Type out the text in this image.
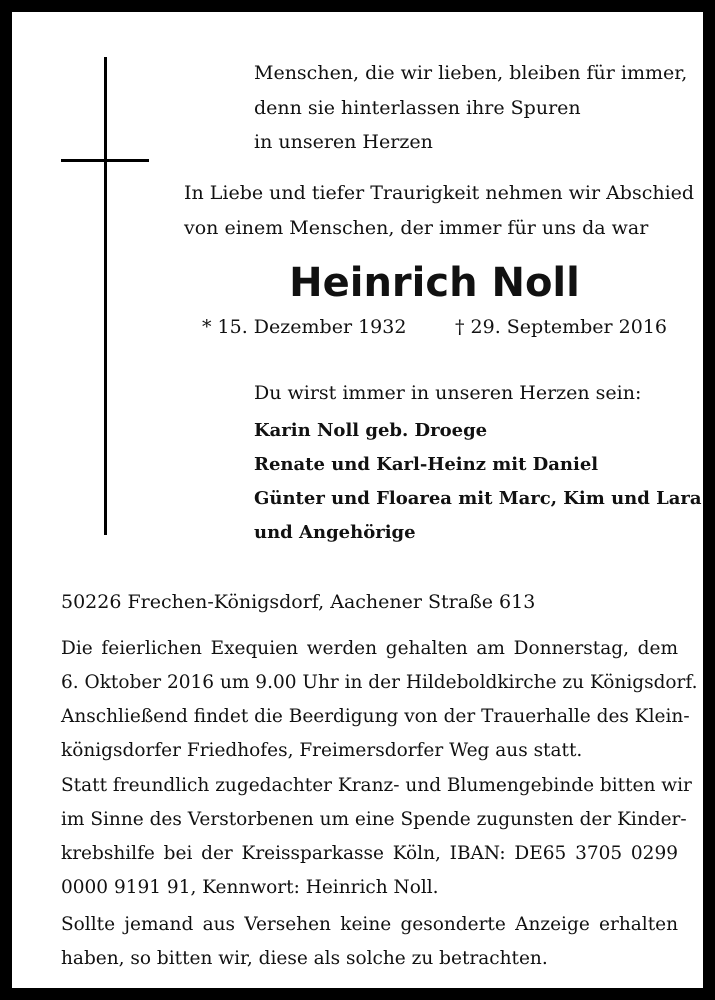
Menschen, die wir lieben, bleiben für immer,
denn sie hinterlassen ihre Spuren
in unseren Herzen
In Liebe und tiefer Traurigkeit nehmen wir Abschied
von einem Menschen, der immer für uns da war
Heinrich Noll
* 15. Dezember 1932	† 29. September 2016
Du wirst immer in unseren Herzen sein:
Karin Noll geb. Droege
Renate und Karl-Heinz mit Daniel
Günter und Floarea mit Marc, Kim und Lara
und Angehörige
50226 Frechen-Königsdorf, Aachener Straße 613
Die feierlichen Exequien werden gehalten am Donnerstag, dem
6. Oktober 2016 um 9.00 Uhr in der Hildeboldkirche zu Königsdorf.
Anschließend findet die Beerdigung von der Trauerhalle des Klein-
königsdorfer Friedhofes, Freimersdorfer Weg aus statt.
Statt freundlich zugedachter Kranz- und Blumengebinde bitten wir
im Sinne des Verstorbenen um eine Spende zugunsten der Kinder-
krebshilfe bei der Kreissparkasse Köln, IBAN: DE65 3705 0299
0000 9191 91, Kennwort: Heinrich Noll.
Sollte jemand aus Versehen keine gesonderte Anzeige erhalten
haben, so bitten wir, diese als solche zu betrachten.
